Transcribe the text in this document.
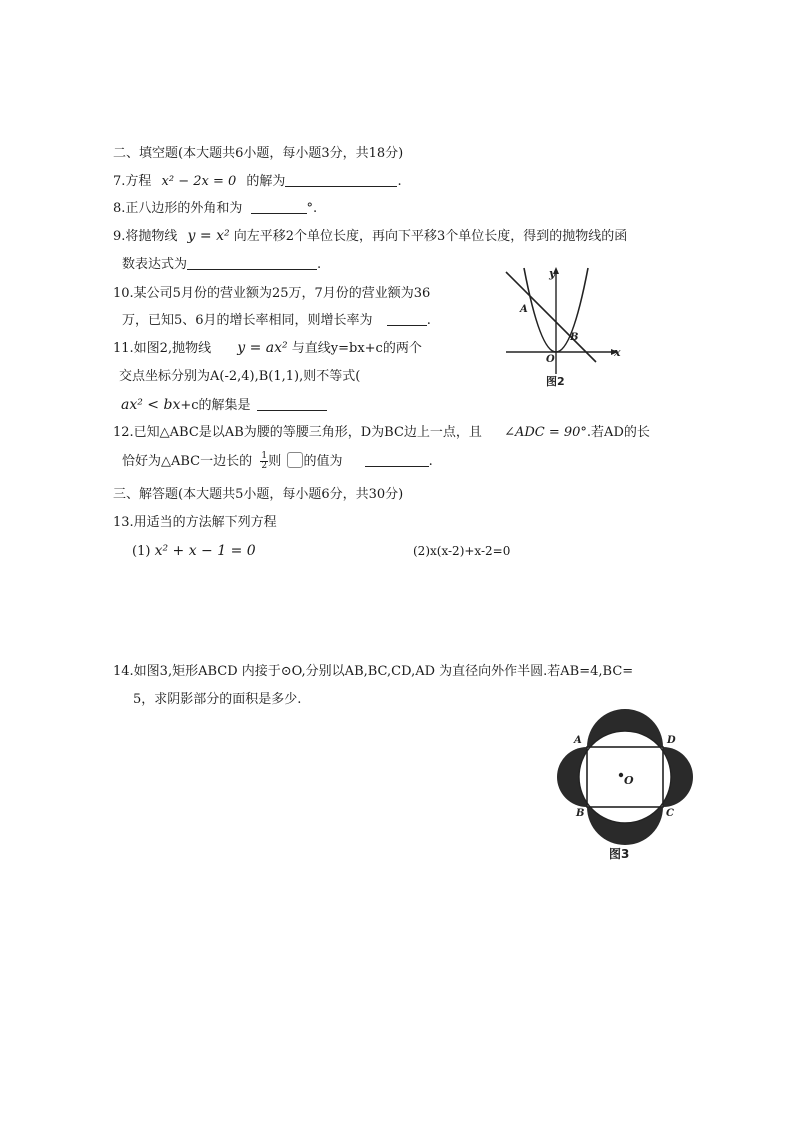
二、填空题(本大题共6小题，每小题3分，共18分)
7.方程 x² − 2x = 0 的解为	.
8.正八边形的外角和为	°.
9.将抛物线 y = x² 向左平移2个单位长度，再向下平移3个单位长度，得到的抛物线的函
数表达式为	.
10.某公司5月份的营业额为25万，7月份的营业额为36
万，已知5、6月的增长率相同，则增长率为	.
11.如图2,抛物线 y = ax² 与直线y=bx+c的两个
交点坐标分别为A(-2,4),B(1,1),则不等式(
ax² < bx+c的解集是
y
x
O
A
B
图2
12.已知△ABC是以AB为腰的等腰三角形，D为BC边上一点，且 ∠ADC = 90°.若AD的长
恰好为△ABC一边长的 $\frac{1}{2}$ 则 的值为	.
三、解答题(本大题共5小题，每小题6分，共30分)
13.用适当的方法解下列方程
(1) x² + x − 1 = 0	(2)x(x-2)+x-2=0
14.如图3,矩形ABCD 内接于⊙O,分别以AB,BC,CD,AD 为直径向外作半圆.若AB=4,BC=
5，求阴影部分的面积是多少.
A	D
B	C
O
图3
